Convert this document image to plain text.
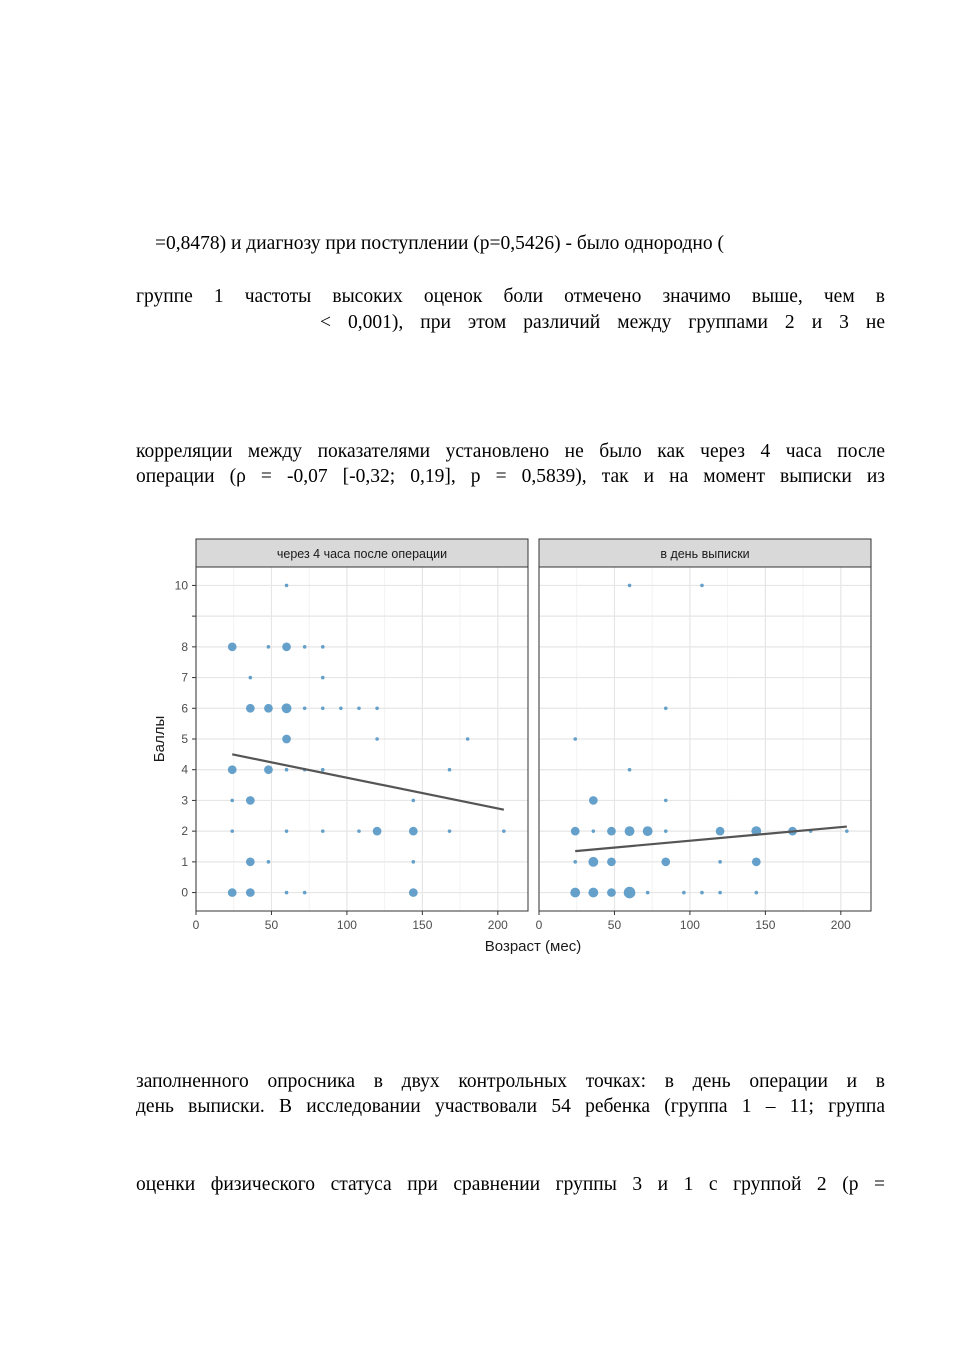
=0,8478) и диагнозу при поступлении (р=0,5426) - было однородно (
группе 1 частоты высоких оценок боли отмечено значимо выше, чем в
< 0,001), при этом различий между группами 2 и 3 не
корреляции между показателями установлено не было как через 4 часа после
операции (ρ = -0,07 [-0,32; 0,19], p = 0,5839), так и на момент выписки из
через 4 часа после операции
0	50	100	150	200
0
1
2
3
4
5
6
7
8
10
в день выписки
0	50	100	150	200
Возраст (мес)
Баллы
заполненного опросника в двух контрольных точках: в день операции и в
день выписки. В исследовании участвовали 54 ребенка (группа 1 – 11; группа
оценки физического статуса при сравнении группы 3 и 1 с группой 2 (p =
